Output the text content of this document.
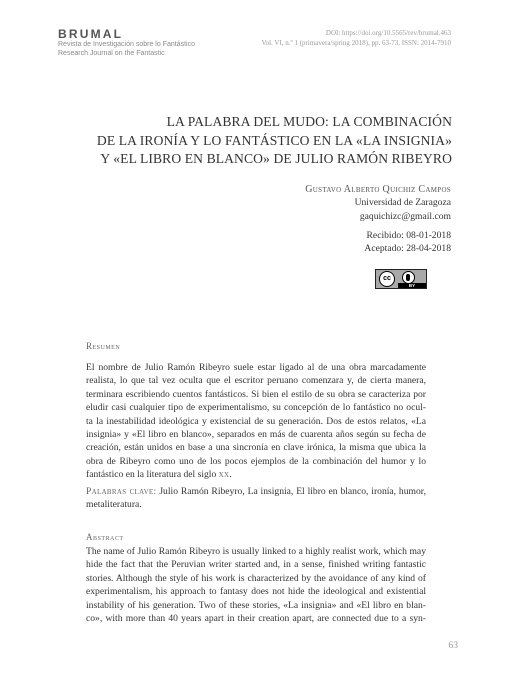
BRUMAL
Revista de Investigación sobre lo Fantástico
Research Journal on the Fantastic
DOI: https://doi.org/10.5565/rev/brumal.463
Vol. VI, n.º 1 (primavera/spring 2018), pp. 63-73, ISSN: 2014-7910
LA PALABRA DEL MUDO: LA COMBINACIÓN
DE LA IRONÍA Y LO FANTÁSTICO EN LA «LA INSIGNIA»
Y «EL LIBRO EN BLANCO» DE JULIO RAMÓN RIBEYRO
Gustavo Alberto Quichiz Campos
Universidad de Zaragoza
gaquichizc@gmail.com
Recibido: 08-01-2018
Aceptado: 28-04-2018
cc
BY
Resumen
El nombre de Julio Ramón Ribeyro suele estar ligado al de una obra marcadamente
realista, lo que tal vez oculta que el escritor peruano comenzara y, de cierta manera,
terminara escribiendo cuentos fantásticos. Si bien el estilo de su obra se caracteriza por
eludir casi cualquier tipo de experimentalismo, su concepción de lo fantástico no ocul-
ta la inestabilidad ideológica y existencial de su generación. Dos de estos relatos, «La
insignia» y «El libro en blanco», separados en más de cuarenta años según su fecha de
creación, están unidos en base a una sincronía en clave irónica, la misma que ubica la
obra de Ribeyro como uno de los pocos ejemplos de la combinación del humor y lo
fantástico en la literatura del siglo xx.
Palabras clave: Julio Ramón Ribeyro, La insignia, El libro en blanco, ironía, humor,
metaliteratura.
Abstract
The name of Julio Ramón Ribeyro is usually linked to a highly realist work, which may
hide the fact that the Peruvian writer started and, in a sense, finished writing fantastic
stories. Although the style of his work is characterized by the avoidance of any kind of
experimentalism, his approach to fantasy does not hide the ideological and existential
instability of his generation. Two of these stories, «La insignia» and «El libro en blan-
co», with more than 40 years apart in their creation apart, are connected due to a syn-
63
